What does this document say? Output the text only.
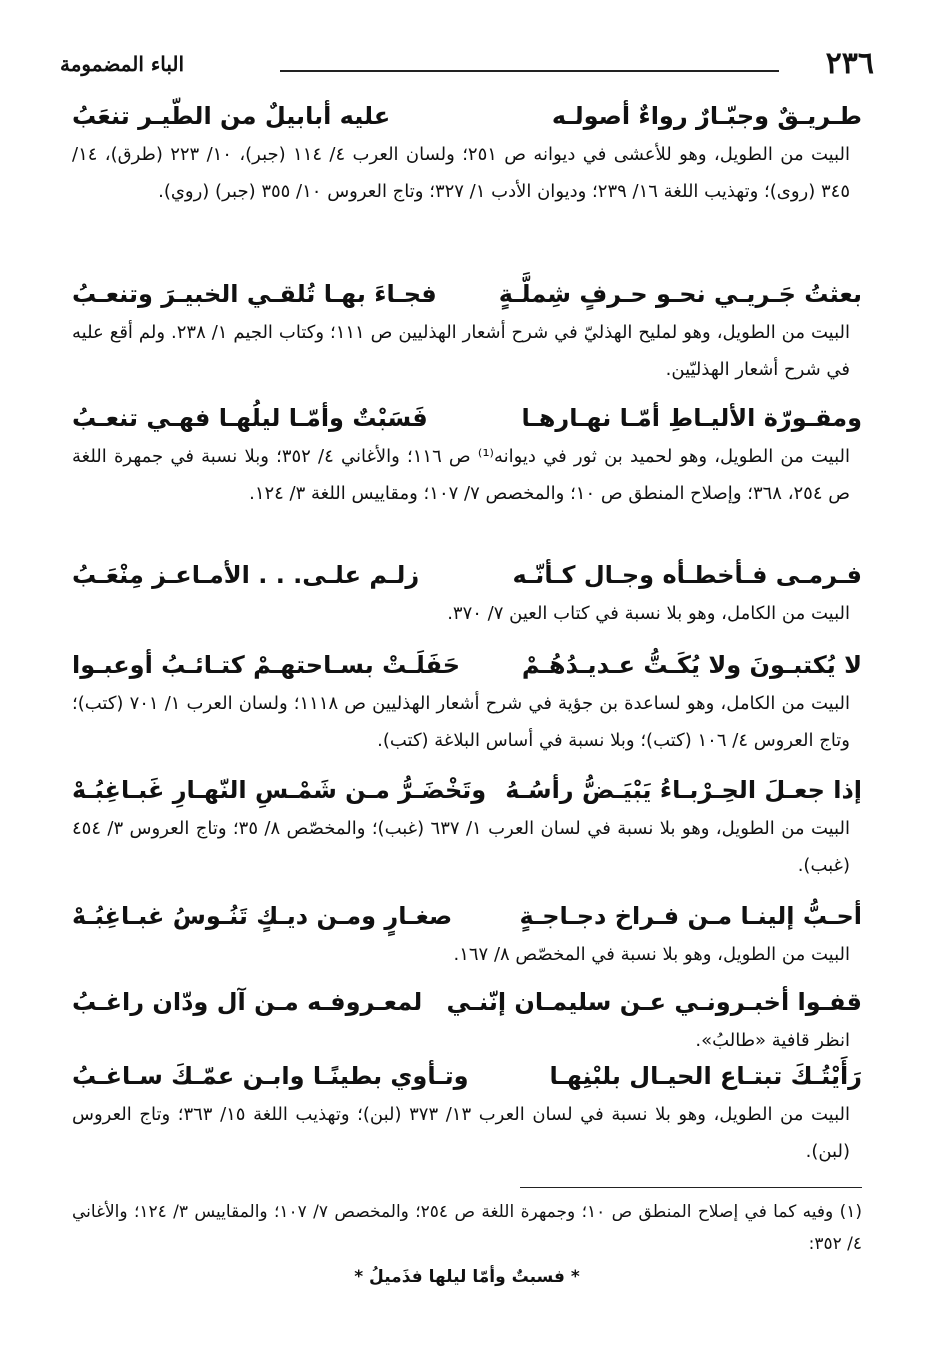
٢٣٦
الباء المضمومة
طـريـقٌ وجبّـارٌ رواءٌ أصولـه
عليه أبابيلٌ من الطّيـر تنعَبُ
البيت من الطويل، وهو للأعشى في ديوانه ص ٢٥١؛ ولسان العرب ٤/ ١١٤ (جبر)، ١٠/ ٢٢٣ (طرق)، ١٤/ ٣٤٥ (روى)؛ وتهذيب اللغة ١٦/ ٢٣٩؛ وديوان الأدب ١/ ٣٢٧؛ وتاج العروس ١٠/ ٣٥٥ (جبر) (روي).
بعثتُ جَـريـي نحـو حـرفٍ شِملَّـةٍ
فجـاءَ بهـا تُلقـي الخبيـرَ وتنعـبُ
البيت من الطويل، وهو لمليح الهذليّ في شرح أشعار الهذليين ص ١١١؛ وكتاب الجيم ١/ ٢٣٨. ولم أقع عليه في شرح أشعار الهذليّين.
ومقـورّة الأليـاطِ أمّـا نهـارهـا
فَسَبْتٌ وأمّـا ليلُهـا فهـي تنعـبُ
البيت من الطويل، وهو لحميد بن ثور في ديوانه⁽¹⁾ ص ١١٦؛ والأغاني ٤/ ٣٥٢؛ وبلا نسبة في جمهرة اللغة ص ٢٥٤، ٣٦٨؛ وإصلاح المنطق ص ١٠؛ والمخصص ٧/ ١٠٧؛ ومقاييس اللغة ٣/ ١٢٤.
فـرمـى فـأخطـأه وجـال كـأنّـه
زلـم علـى. . . الأمـاعـز مِنْعَـبُ
البيت من الكامل، وهو بلا نسبة في كتاب العين ٧/ ٣٧٠.
لا يُكتبـونَ ولا يُكَـتُّ عـديـدُهُـمْ
حَفَلَـتْ بسـاحتهـمْ كتـائـبُ أوعبـوا
البيت من الكامل، وهو لساعدة بن جؤية في شرح أشعار الهذليين ص ١١١٨؛ ولسان العرب ١/ ٧٠١ (كتب)؛ وتاج العروس ٤/ ١٠٦ (كتب)؛ وبلا نسبة في أساس البلاغة (كتب).
إذا جعـلَ الحِـرْبـاءُ يَبْيَـضُّ رأسُـهُ
وتَخْضَـرُّ مـن شَمْـسِ النّهـارِ غَبـاغِبُـهْ
البيت من الطويل، وهو بلا نسبة في لسان العرب ١/ ٦٣٧ (غبب)؛ والمخصّص ٨/ ٣٥؛ وتاج العروس ٣/ ٤٥٤ (غبب).
أحـبُّ إلينـا مـن فـراخ دجـاجـةٍ
صغـارٍ ومـن ديـكٍ تَنُـوسُ غبـاغِبُـهْ
البيت من الطويل، وهو بلا نسبة في المخصّص ٨/ ١٦٧.
قفـوا أخبـرونـي عـن سليمـان إنّنـي
لمعـروفـه مـن آل ودّان راغـبُ
انظر قافية «طالبُ».
رَأَيْتُـكَ تبتـاع الحيـال بلبْنِهـا
وتـأوي بطينًـا وابـن عمّـكَ سـاغـبُ
البيت من الطويل، وهو بلا نسبة في لسان العرب ١٣/ ٣٧٣ (لبن)؛ وتهذيب اللغة ١٥/ ٣٦٣؛ وتاج العروس (لبن).
(١) وفيه كما في إصلاح المنطق ص ١٠؛ وجمهرة اللغة ص ٢٥٤؛ والمخصص ٧/ ١٠٧؛ والمقاييس ٣/ ١٢٤؛ والأغاني ٤/ ٣٥٢:
* فسبتٌ وأمّا ليلها فذَميلُ *
